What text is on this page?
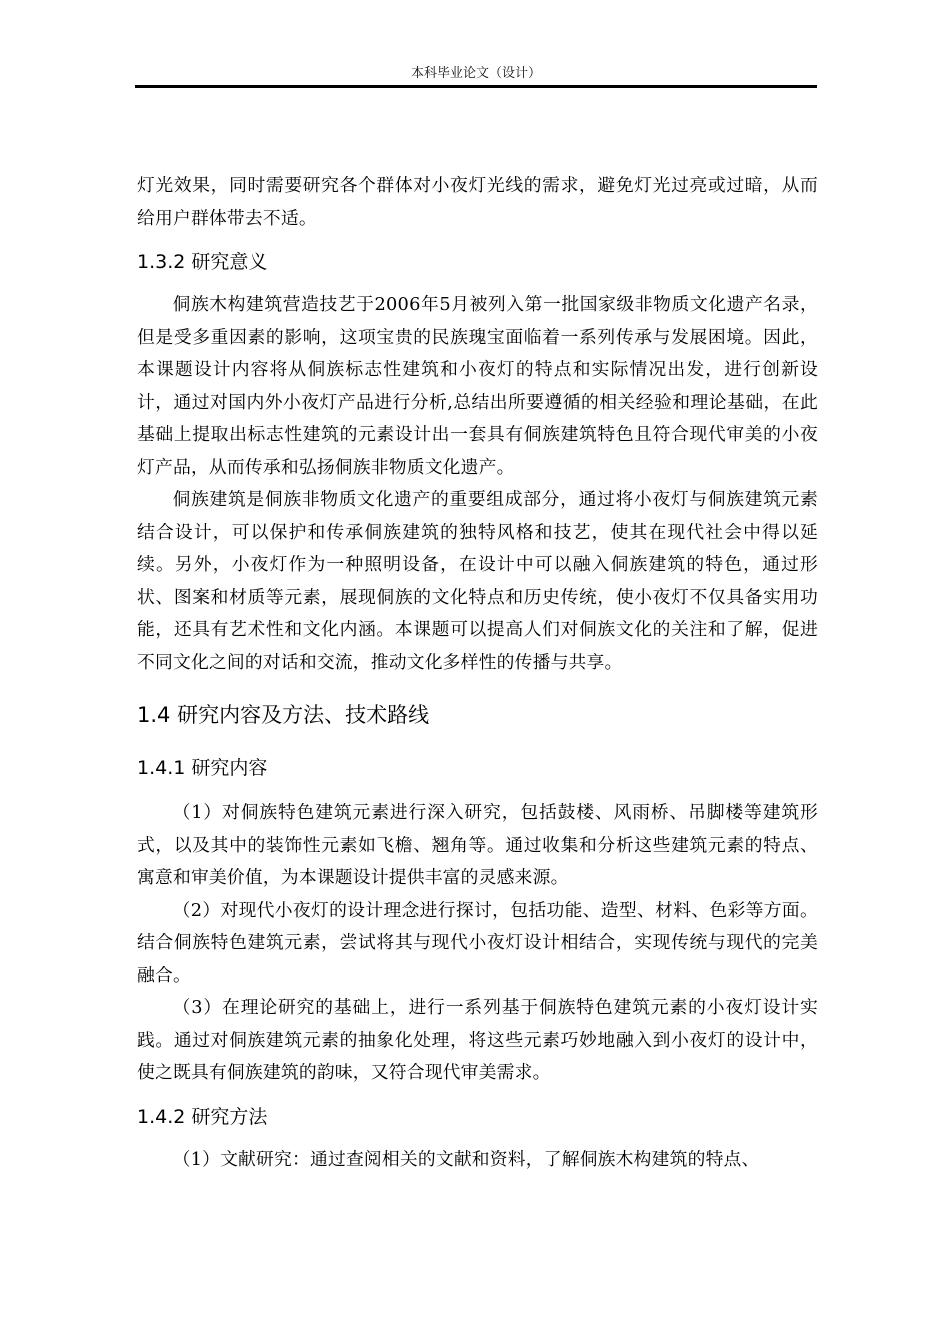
本科毕业论文（设计）

灯光效果，同时需要研究各个群体对小夜灯光线的需求，避免灯光过亮或过暗，从而给用户群体带去不适。

1.3.2 研究意义

侗族木构建筑营造技艺于2006年5月被列入第一批国家级非物质文化遗产名录，但是受多重因素的影响，这项宝贵的民族瑰宝面临着一系列传承与发展困境。因此，本课题设计内容将从侗族标志性建筑和小夜灯的特点和实际情况出发，进行创新设计，通过对国内外小夜灯产品进行分析,总结出所要遵循的相关经验和理论基础，在此基础上提取出标志性建筑的元素设计出一套具有侗族建筑特色且符合现代审美的小夜灯产品，从而传承和弘扬侗族非物质文化遗产。

侗族建筑是侗族非物质文化遗产的重要组成部分，通过将小夜灯与侗族建筑元素结合设计，可以保护和传承侗族建筑的独特风格和技艺，使其在现代社会中得以延续。另外，小夜灯作为一种照明设备，在设计中可以融入侗族建筑的特色，通过形状、图案和材质等元素，展现侗族的文化特点和历史传统，使小夜灯不仅具备实用功能，还具有艺术性和文化内涵。本课题可以提高人们对侗族文化的关注和了解，促进不同文化之间的对话和交流，推动文化多样性的传播与共享。

1.4 研究内容及方法、技术路线
1.4.1 研究内容

（1）对侗族特色建筑元素进行深入研究，包括鼓楼、风雨桥、吊脚楼等建筑形式，以及其中的装饰性元素如飞檐、翘角等。通过收集和分析这些建筑元素的特点、寓意和审美价值，为本课题设计提供丰富的灵感来源。

（2）对现代小夜灯的设计理念进行探讨，包括功能、造型、材料、色彩等方面。结合侗族特色建筑元素，尝试将其与现代小夜灯设计相结合，实现传统与现代的完美融合。

（3）在理论研究的基础上，进行一系列基于侗族特色建筑元素的小夜灯设计实践。通过对侗族建筑元素的抽象化处理，将这些元素巧妙地融入到小夜灯的设计中，使之既具有侗族建筑的韵味，又符合现代审美需求。

1.4.2 研究方法

（1）文献研究：通过查阅相关的文献和资料，了解侗族木构建筑的特点、
